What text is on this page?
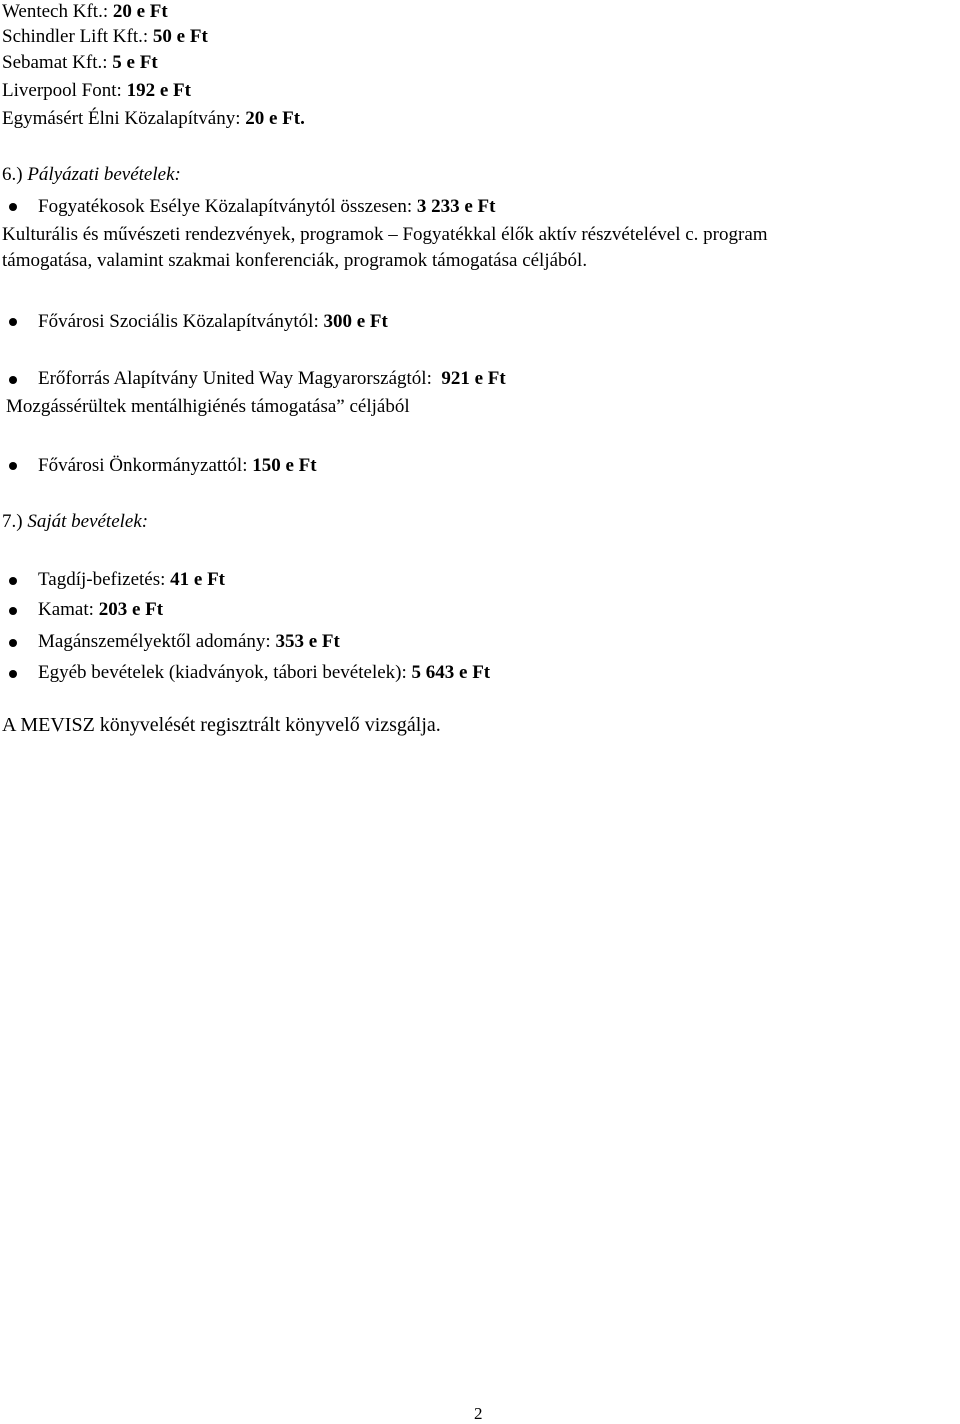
Wentech Kft.: 20 e Ft
Schindler Lift Kft.: 50 e Ft
Sebamat Kft.: 5 e Ft
Liverpool Font: 192 e Ft
Egymásért Élni Közalapítvány: 20 e Ft.
6.) Pályázati bevételek:
Fogyatékosok Esélye Közalapítványtól összesen: 3 233 e Ft
Kulturális és művészeti rendezvények, programok – Fogyatékkal élők aktív részvételével c. program
támogatása, valamint szakmai konferenciák, programok támogatása céljából.
Fővárosi Szociális Közalapítványtól: 300 e Ft
Erőforrás Alapítvány United Way Magyarországtól:  921 e Ft
Mozgássérültek mentálhigiénés támogatása” céljából
Fővárosi Önkormányzattól: 150 e Ft
7.) Saját bevételek:
Tagdíj-befizetés: 41 e Ft
Kamat: 203 e Ft
Magánszemélyektől adomány: 353 e Ft
Egyéb bevételek (kiadványok, tábori bevételek): 5 643 e Ft
A MEVISZ könyvelését regisztrált könyvelő vizsgálja.
2
